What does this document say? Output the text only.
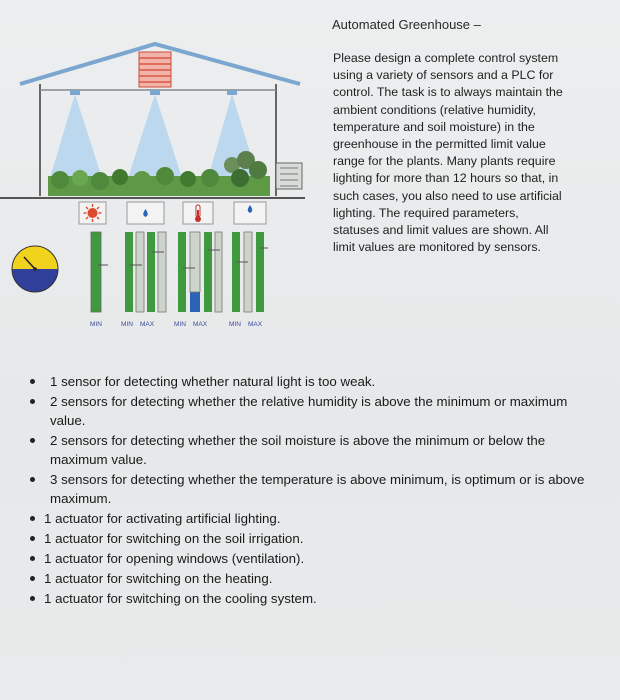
MIN	MIN MAX	MIN MAX	MIN MAX
Automated Greenhouse –
Please design a complete control system using a variety of sensors and a PLC for control. The task is to always maintain the ambient conditions (relative humidity, temperature and soil moisture) in the greenhouse in the permitted limit value range for the plants. Many plants require lighting for more than 12 hours so that, in such cases, you also need to use artificial lighting. The required parameters, statuses and limit values are shown. All limit values are monitored by sensors.
1 sensor for detecting whether natural light is too weak.
2 sensors for detecting whether the relative humidity is above the minimum or maximum value.
2 sensors for detecting whether the soil moisture is above the minimum or below the maximum value.
3 sensors for detecting whether the temperature is above minimum, is optimum or is above maximum.
1 actuator for activating artificial lighting.
1 actuator for switching on the soil irrigation.
1 actuator for opening windows (ventilation).
1 actuator for switching on the heating.
1 actuator for switching on the cooling system.
